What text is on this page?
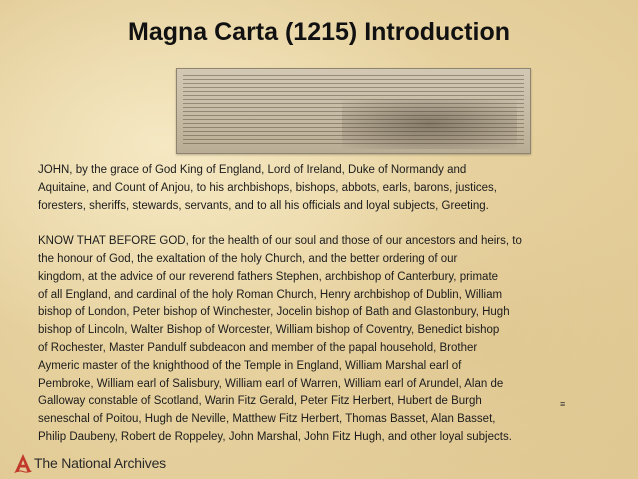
Magna Carta (1215) Introduction

JOHN, by the grace of God King of England, Lord of Ireland, Duke of Normandy and
Aquitaine, and Count of Anjou, to his archbishops, bishops, abbots, earls, barons, justices,
foresters, sheriffs, stewards, servants, and to all his officials and loyal subjects, Greeting.

KNOW THAT BEFORE GOD, for the health of our soul and those of our ancestors and heirs, to
the honour of God, the exaltation of the holy Church, and the better ordering of our
kingdom, at the advice of our reverend fathers Stephen, archbishop of Canterbury, primate
of all England, and cardinal of the holy Roman Church, Henry archbishop of Dublin, William
bishop of London, Peter bishop of Winchester, Jocelin bishop of Bath and Glastonbury, Hugh
bishop of Lincoln, Walter Bishop of Worcester, William bishop of Coventry, Benedict bishop
of Rochester, Master Pandulf subdeacon and member of the papal household, Brother
Aymeric master of the knighthood of the Temple in England, William Marshal earl of
Pembroke, William earl of Salisbury, William earl of Warren, William earl of Arundel, Alan de
Galloway constable of Scotland, Warin Fitz Gerald, Peter Fitz Herbert, Hubert de Burgh
seneschal of Poitou, Hugh de Neville, Matthew Fitz Herbert, Thomas Basset, Alan Basset,
Philip Daubeny, Robert de Roppeley, John Marshal, John Fitz Hugh, and other loyal subjects.

≡
The National Archives
